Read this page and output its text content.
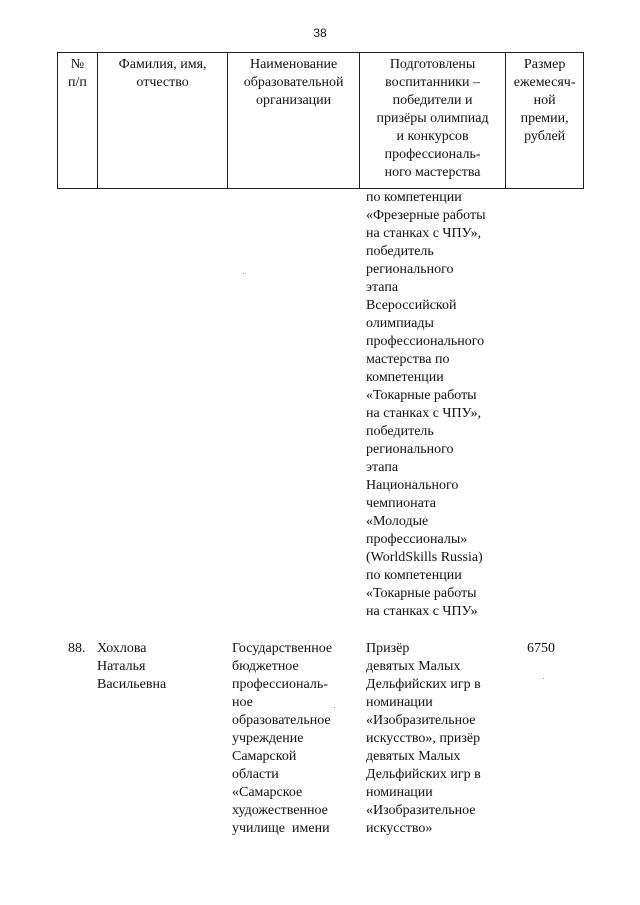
38
№
п/п
Фамилия, имя,
отчество
Наименование
образовательной
организации
Подготовлены
воспитанники –
победители и
призёры олимпиад
и конкурсов
профессиональ-
ного мастерства
Размер
ежемесяч-
ной
премии,
рублей
по компетенции
«Фрезерные работы
на станках с ЧПУ»,
победитель
регионального
этапа
Всероссийской
олимпиады
профессионального
мастерства по
компетенции
«Токарные работы
на станках с ЧПУ»,
победитель
регионального
этапа
Национального
чемпионата
«Молодые
профессионалы»
(WorldSkills Russia)
по компетенции
«Токарные работы
на станках с ЧПУ»
88. Хохлова
Наталья
Васильевна
Государственное
бюджетное
профессиональ-
ное
образовательное
учреждение
Самарской
области
«Самарское
художественное
училище  имени
Призёр
девятых Малых
Дельфийских игр в
номинации
«Изобразительное
искусство», призёр
девятых Малых
Дельфийских игр в
номинации
«Изобразительное
искусство»
6750
